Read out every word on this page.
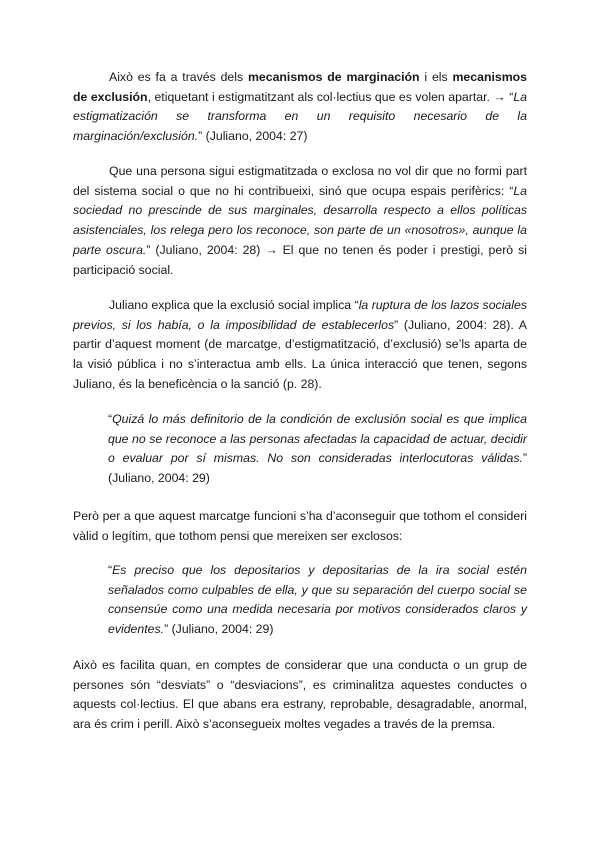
Això es fa a través dels mecanismos de marginación i els mecanismos de exclusión, etiquetant i estigmatitzant als col·lectius que es volen apartar. → “La estigmatización se transforma en un requisito necesario de la marginación/exclusión.” (Juliano, 2004: 27)

Que una persona sigui estigmatitzada o exclosa no vol dir que no formi part del sistema social o que no hi contribueixi, sinó que ocupa espais perifèrics: “La sociedad no prescinde de sus marginales, desarrolla respecto a ellos políticas asistenciales, los relega pero los reconoce, son parte de un «nosotros», aunque la parte oscura.” (Juliano, 2004: 28) → El que no tenen és poder i prestigi, però si participació social.

Juliano explica que la exclusió social implica “la ruptura de los lazos sociales previos, si los había, o la imposibilidad de establecerlos” (Juliano, 2004: 28). A partir d’aquest moment (de marcatge, d’estigmatització, d’exclusió) se’ls aparta de la visió pública i no s’interactua amb ells. La única interacció que tenen, segons Juliano, és la beneficència o la sanció (p. 28).

“Quizá lo más definitorio de la condición de exclusión social es que implica que no se reconoce a las personas afectadas la capacidad de actuar, decidir o evaluar por sí mismas. No son consideradas interlocutoras válidas.” (Juliano, 2004: 29)

Però per a que aquest marcatge funcioni s’ha d’aconseguir que tothom el consideri vàlid o legítim, que tothom pensi que mereixen ser exclosos:

“Es preciso que los depositarios y depositarias de la ira social estén señalados como culpables de ella, y que su separación del cuerpo social se consensúe como una medida necesaria por motivos considerados claros y evidentes.” (Juliano, 2004: 29)

Això es facilita quan, en comptes de considerar que una conducta o un grup de persones són “desviats” o “desviacions”, es criminalitza aquestes conductes o aquests col·lectius. El que abans era estrany, reprobable, desagradable, anormal, ara és crim i perill. Això s’aconsegueix moltes vegades a través de la premsa.
